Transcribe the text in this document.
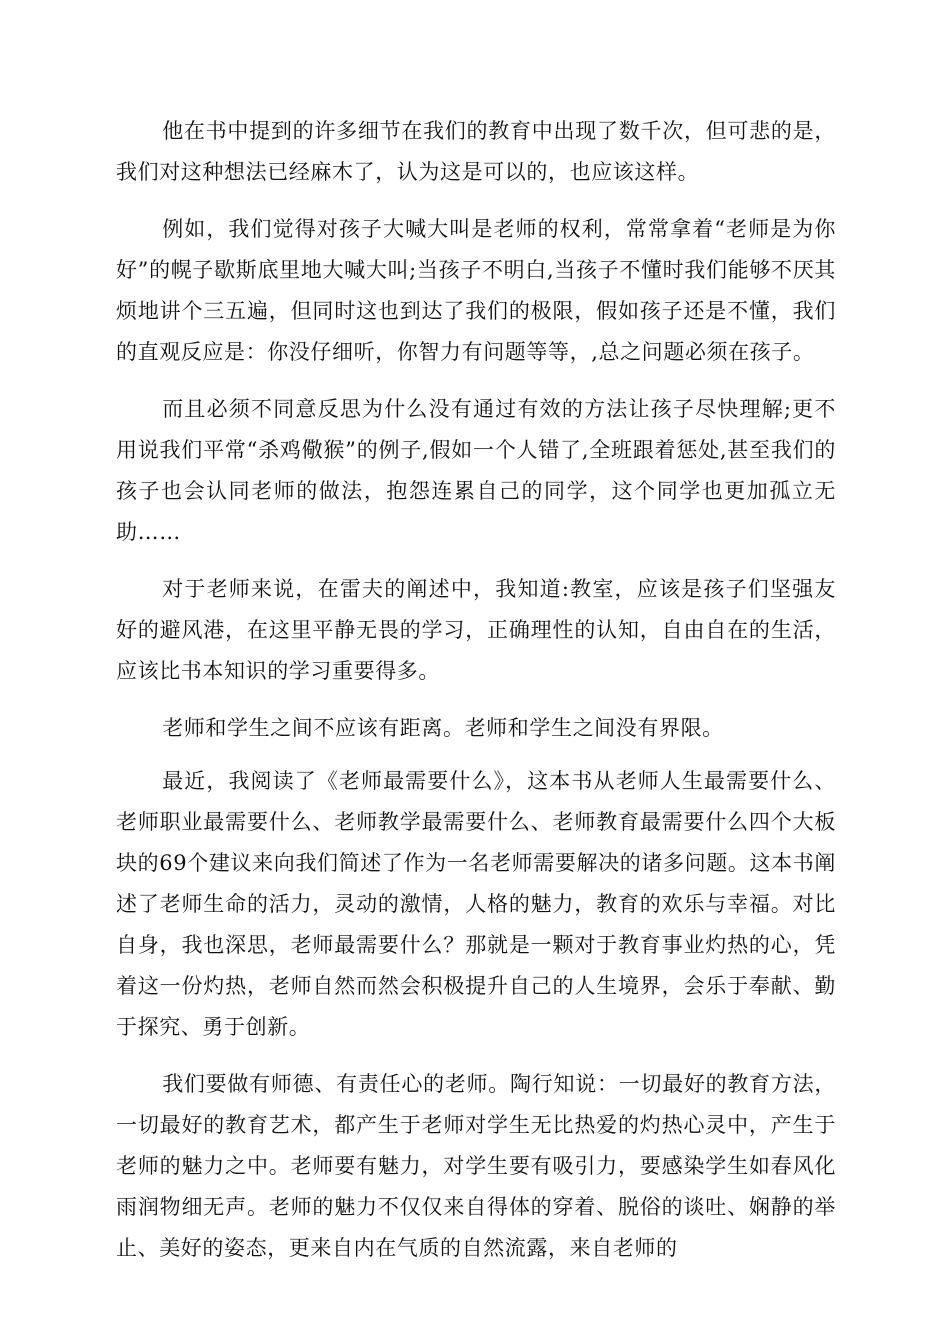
他在书中提到的许多细节在我们的教育中出现了数千次，但可悲的是，我们对这种想法已经麻木了，认为这是可以的，也应该这样。

例如，我们觉得对孩子大喊大叫是老师的权利，常常拿着“老师是为你好”的幌子歇斯底里地大喊大叫;当孩子不明白,当孩子不懂时我们能够不厌其烦地讲个三五遍，但同时这也到达了我们的极限，假如孩子还是不懂，我们的直观反应是：你没仔细听，你智力有问题等等，,总之问题必须在孩子。

而且必须不同意反思为什么没有通过有效的方法让孩子尽快理解;更不用说我们平常“杀鸡儆猴”的例子,假如一个人错了,全班跟着惩处,甚至我们的孩子也会认同老师的做法，抱怨连累自己的同学，这个同学也更加孤立无助……

对于老师来说，在雷夫的阐述中，我知道:教室，应该是孩子们坚强友好的避风港，在这里平静无畏的学习，正确理性的认知，自由自在的生活，应该比书本知识的学习重要得多。

老师和学生之间不应该有距离。老师和学生之间没有界限。

最近，我阅读了《老师最需要什么》，这本书从老师人生最需要什么、老师职业最需要什么、老师教学最需要什么、老师教育最需要什么四个大板块的69个建议来向我们简述了作为一名老师需要解决的诸多问题。这本书阐述了老师生命的活力，灵动的激情，人格的魅力，教育的欢乐与幸福。对比自身，我也深思，老师最需要什么？那就是一颗对于教育事业灼热的心，凭着这一份灼热，老师自然而然会积极提升自己的人生境界，会乐于奉献、勤于探究、勇于创新。

我们要做有师德、有责任心的老师。陶行知说：一切最好的教育方法，一切最好的教育艺术，都产生于老师对学生无比热爱的灼热心灵中，产生于老师的魅力之中。老师要有魅力，对学生要有吸引力，要感染学生如春风化雨润物细无声。老师的魅力不仅仅来自得体的穿着、脱俗的谈吐、娴静的举止、美好的姿态，更来自内在气质的自然流露，来自老师的
